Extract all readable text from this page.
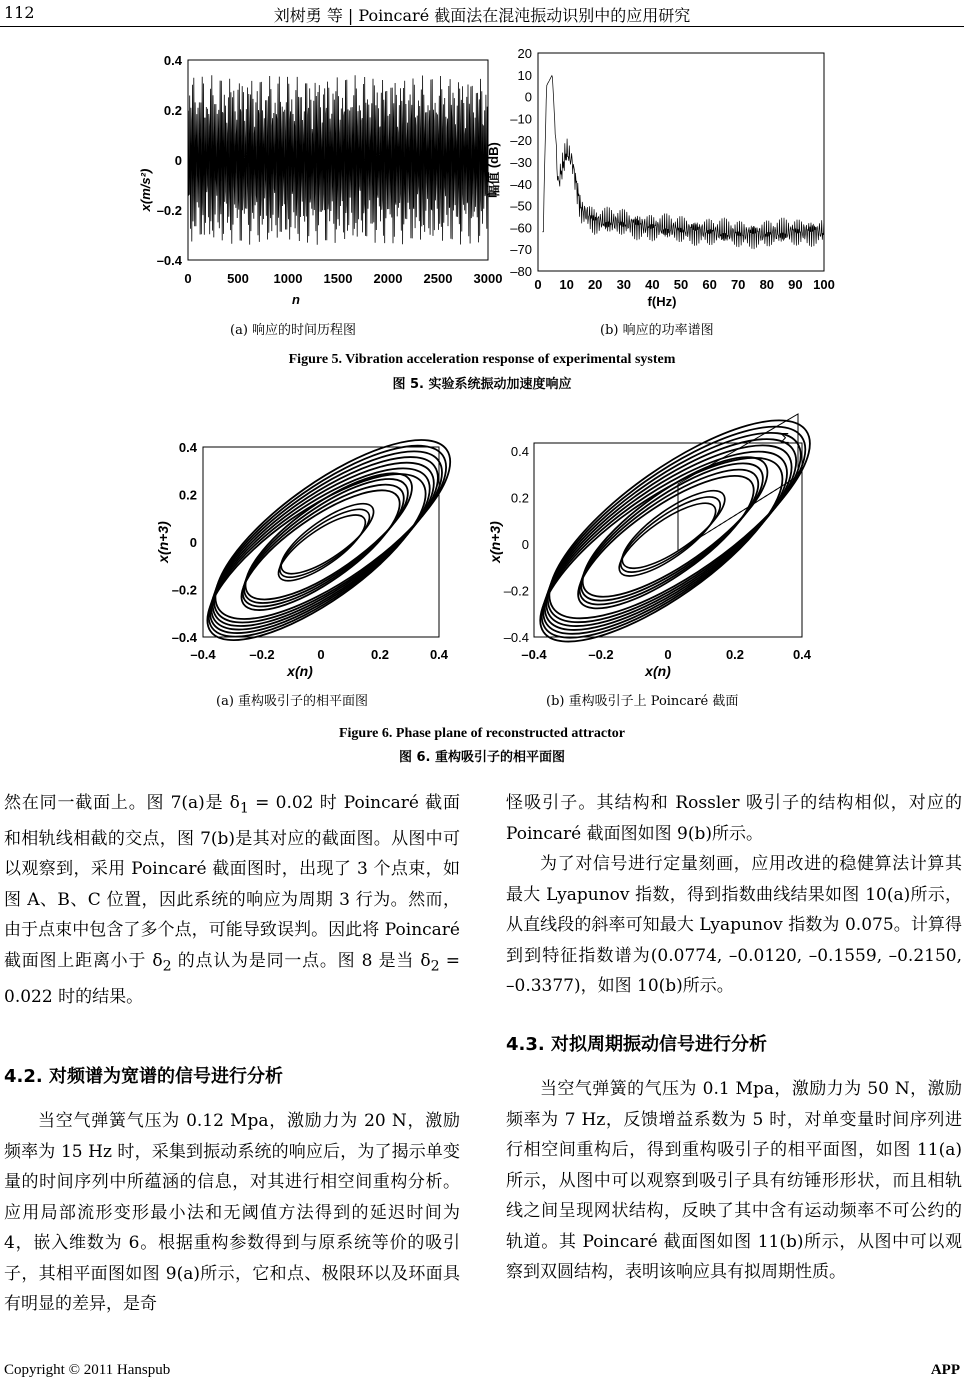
112	刘树勇 等 | Poincaré 截面法在混沌振动识别中的应用研究
x(m/s²)
0.4
0.2
0
–0.2
–0.4
0	500 1000 1500 2000 2500 3000
n
幅值 (dB)
20
10
0
–10
–20
–30
–40
–50
–60
–70
–80
0 10 20 30 40 50 60 70 80 90 100
f(Hz)
(a) 响应的时间历程图	(b) 响应的功率谱图
Figure 5. Vibration acceleration response of experimental system
图 5. 实验系统振动加速度响应
x(n+3)
0.4
0.2
0
–0.2
–0.4
–0.4	–0.2	0	0.2	0.4
x(n)
x(n+3)
0.4
0.2
0
–0.2
–0.4
–0.4	–0.2	0	0.2	0.4
Σ
x(n)
(a) 重构吸引子的相平面图	(b) 重构吸引子上 Poincaré 截面
Figure 6. Phase plane of reconstructed attractor
图 6. 重构吸引子的相平面图

然在同一截面上。图 7(a)是 $\delta_1 = 0.02$ 时 Poincaré 截面和相轨线相截的交点，图 7(b)是其对应的截面图。从图中可以观察到，采用 Poincaré 截面图时，出现了 3 个点束，如图 A、B、C 位置，因此系统的响应为周期 3 行为。然而，由于点束中包含了多个点，可能导致误判。因此将 Poincaré 截面图上距离小于 $\delta_2$ 的点认为是同一点。图 8 是当 $\delta_2 = 0.022$ 时的结果。

4.2. 对频谱为宽谱的信号进行分析

当空气弹簧气压为 0.12 Mpa，激励力为 20 N，激励频率为 15 Hz 时，采集到振动系统的响应后，为了揭示单变量的时间序列中所蕴涵的信息，对其进行相空间重构分析。应用局部流形变形最小法和无阈值方法得到的延迟时间为 4，嵌入维数为 6。根据重构参数得到与原系统等价的吸引子，其相平面图如图 9(a)所示，它和点、极限环以及环面具有明显的差异，是奇

怪吸引子。其结构和 Rossler 吸引子的结构相似，对应的 Poincaré 截面图如图 9(b)所示。

为了对信号进行定量刻画，应用改进的稳健算法计算其最大 Lyapunov 指数，得到指数曲线结果如图 10(a)所示，从直线段的斜率可知最大 Lyapunov 指数为 0.075。计算得到到特征指数谱为(0.0774, –0.0120, –0.1559, –0.2150, –0.3377)，如图 10(b)所示。

4.3. 对拟周期振动信号进行分析

当空气弹簧的气压为 0.1 Mpa，激励力为 50 N，激励频率为 7 Hz，反馈增益系数为 5 时，对单变量时间序列进行相空间重构后，得到重构吸引子的相平面图，如图 11(a)所示，从图中可以观察到吸引子具有纺锤形形状，而且相轨线之间呈现网状结构，反映了其中含有运动频率不可公约的轨道。其 Poincaré 截面图如图 11(b)所示，从图中可以观察到双圆结构，表明该响应具有拟周期性质。

Copyright © 2011 Hanspub	APP
